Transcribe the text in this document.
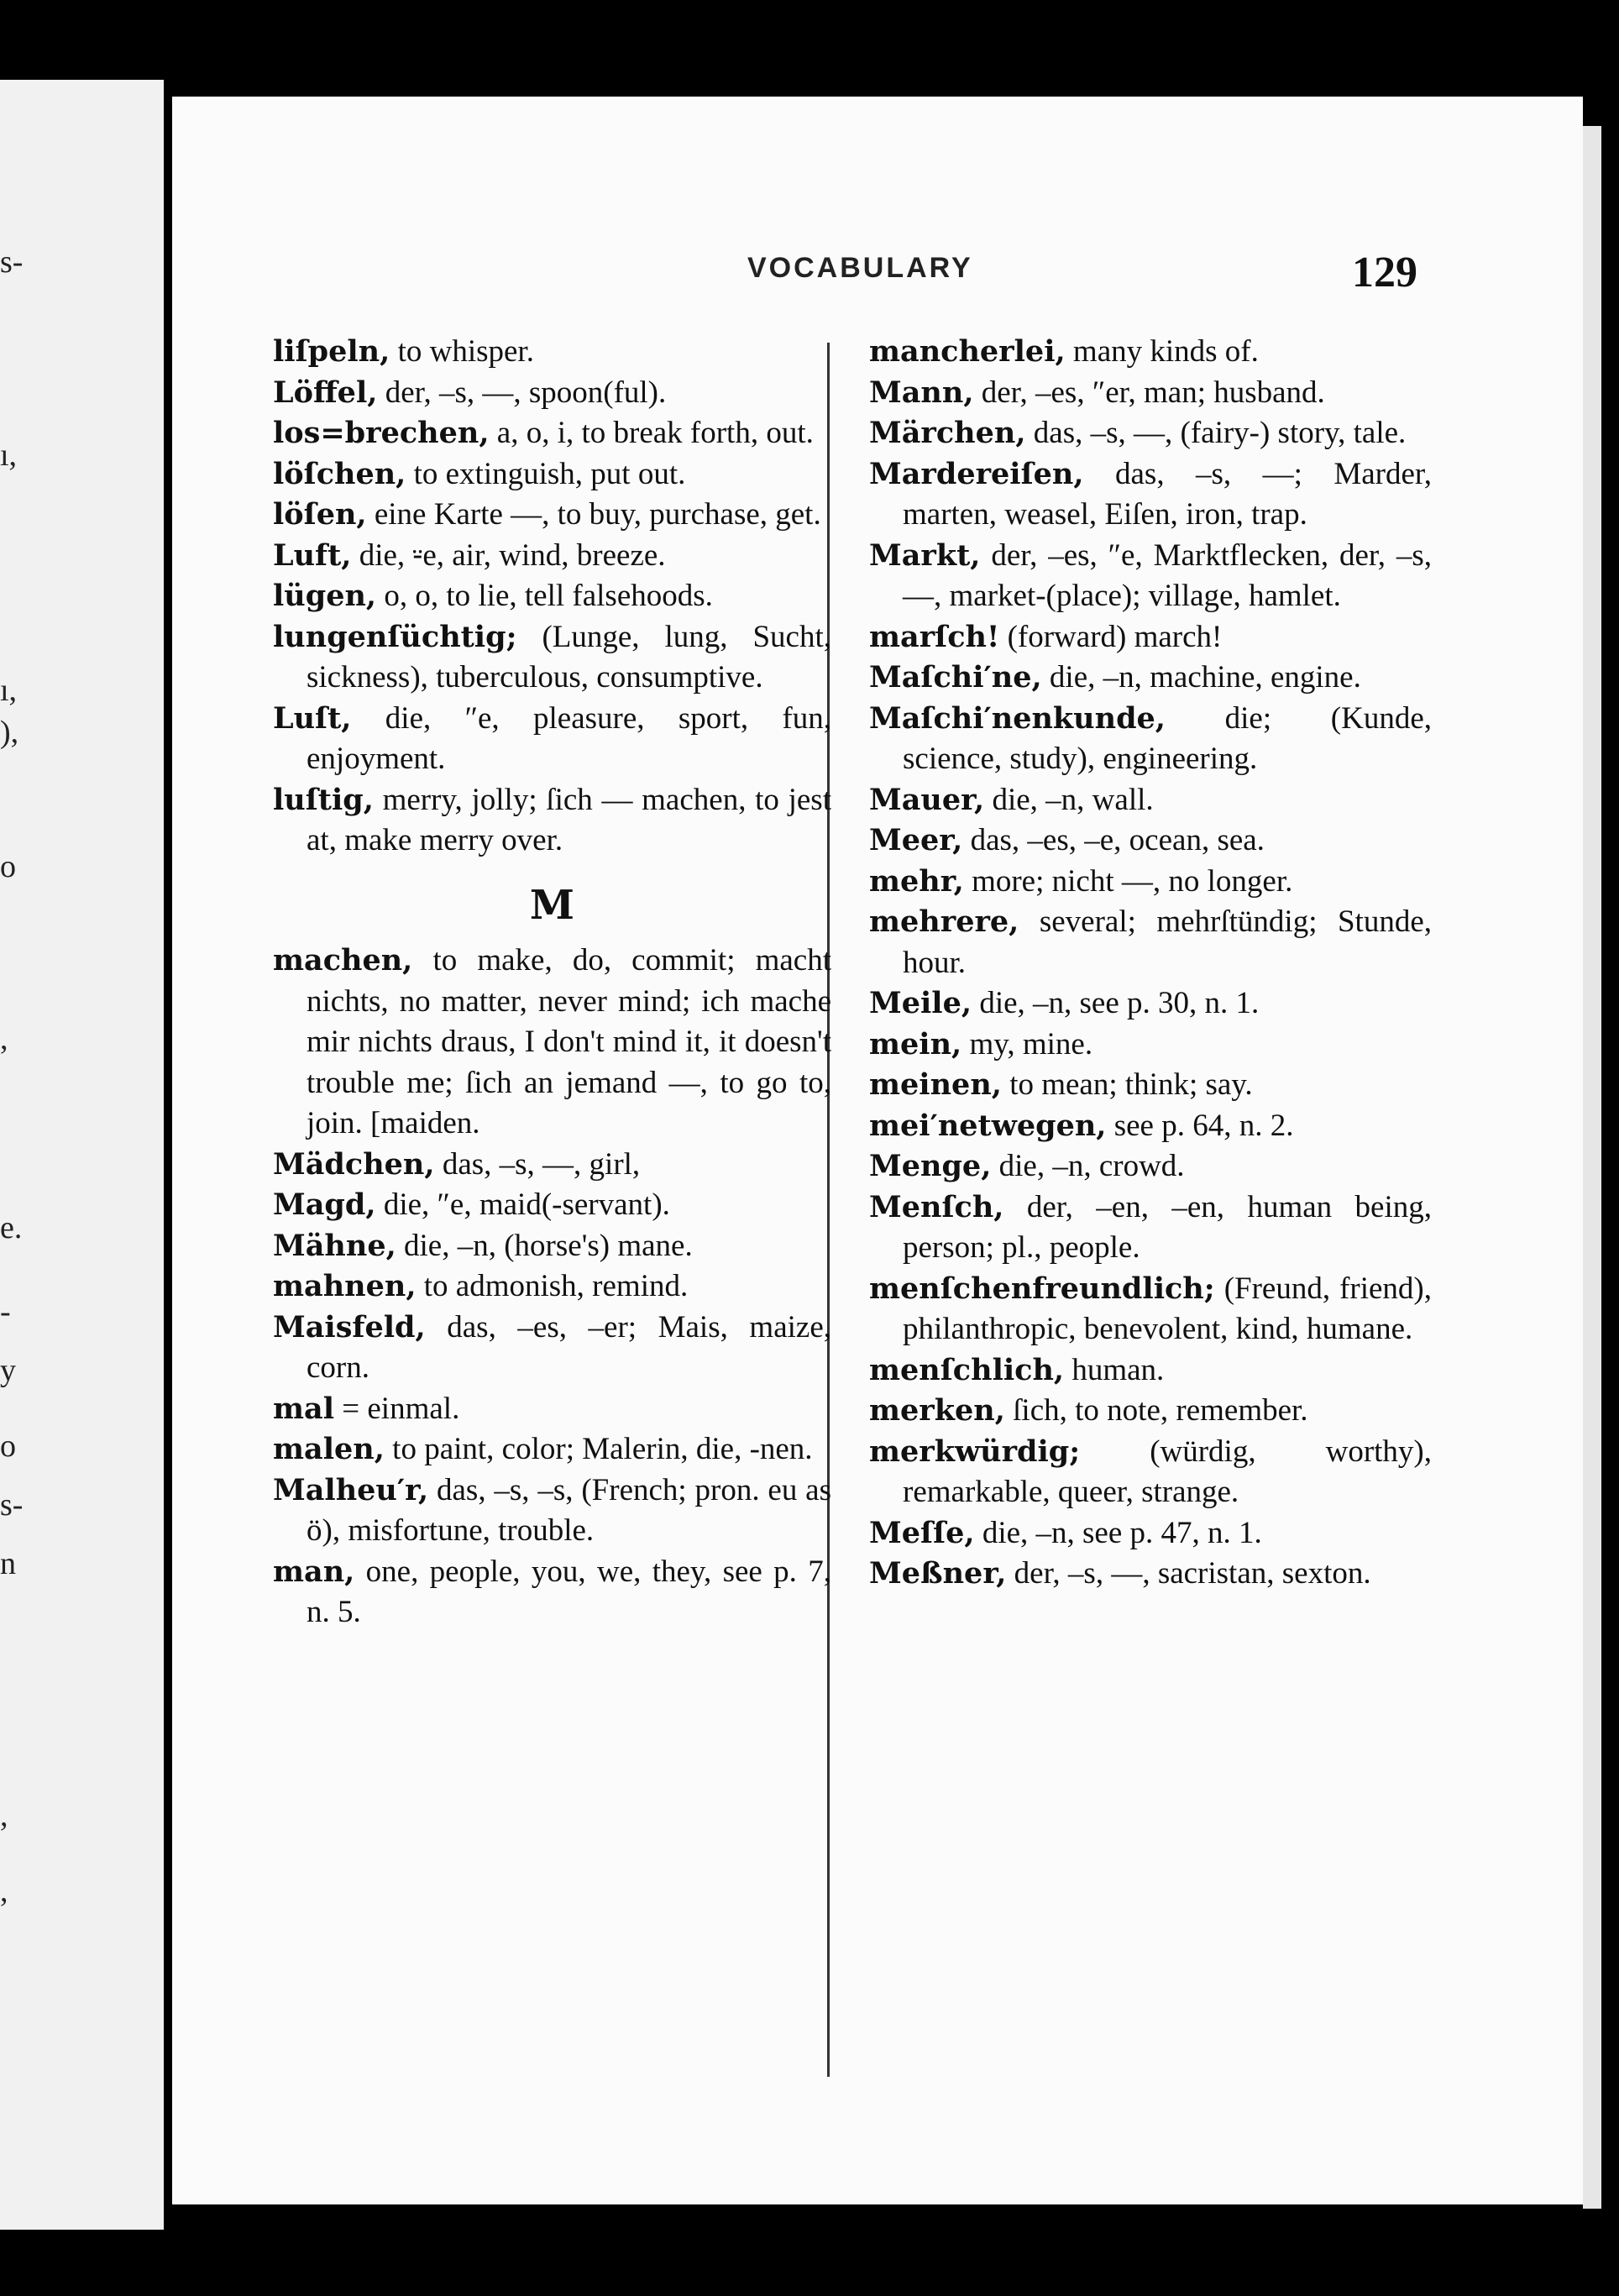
s-
ı,
ı,
),
o
,
e.
-
y
o
s-
n
,
,
VOCABULARY	129

liſpeln, to whisper.

Löffel, der, –s, —, spoon(ful).

los=brechen, a, o, i, to break forth, out.

löſchen, to extinguish, put out.

löſen, eine Karte —, to buy, purchase, get.

Luft, die, ⸚e, air, wind, breeze.

lügen, o, o, to lie, tell falsehoods.

lungenſüchtig; (Lunge, lung, Sucht, sickness), tuberculous, consumptive.

Luſt, die, ″e, pleasure, sport, fun, enjoyment.

luſtig, merry, jolly; ſich — machen, to jest at, make merry over.

M

machen, to make, do, commit; macht nichts, no matter, never mind; ich mache mir nichts draus, I don't mind it, it doesn't trouble me; ſich an jemand —, to go to, join. [maiden.

Mädchen, das, –s, —, girl,

Magd, die, ″e, maid(-servant).

Mähne, die, –n, (horse's) mane.

mahnen, to admonish, remind.

Maisfeld, das, –es, –er; Mais, maize, corn.

mal = einmal.

malen, to paint, color; Malerin, die, -nen.

Malheu′r, das, –s, –s, (French; pron. eu as ö), misfortune, trouble.

man, one, people, you, we, they, see p. 7, n. 5.

mancherlei, many kinds of.

Mann, der, –es, ″er, man; husband.

Märchen, das, –s, —, (fairy-) story, tale.

Mardereiſen, das, –s, —; Marder, marten, weasel, Eiſen, iron, trap.

Markt, der, –es, ″e, Marktflecken, der, –s, —, market-(place); village, hamlet.

marſch! (forward) march!

Maſchi′ne, die, –n, machine, engine.

Maſchi′nenkunde, die; (Kunde, science, study), engineering.

Mauer, die, –n, wall.

Meer, das, –es, –e, ocean, sea.

mehr, more; nicht —, no longer.

mehrere, several; mehrſtündig; Stunde, hour.

Meile, die, –n, see p. 30, n. 1.

mein, my, mine.

meinen, to mean; think; say.

mei′netwegen, see p. 64, n. 2.

Menge, die, –n, crowd.

Menſch, der, –en, –en, human being, person; pl., people.

menſchenfreundlich; (Freund, friend), philanthropic, benevolent, kind, humane.

menſchlich, human.

merken, ſich, to note, remember.

merkwürdig; (würdig, worthy), remarkable, queer, strange.

Meſſe, die, –n, see p. 47, n. 1.

Meßner, der, –s, —, sacristan, sexton.
